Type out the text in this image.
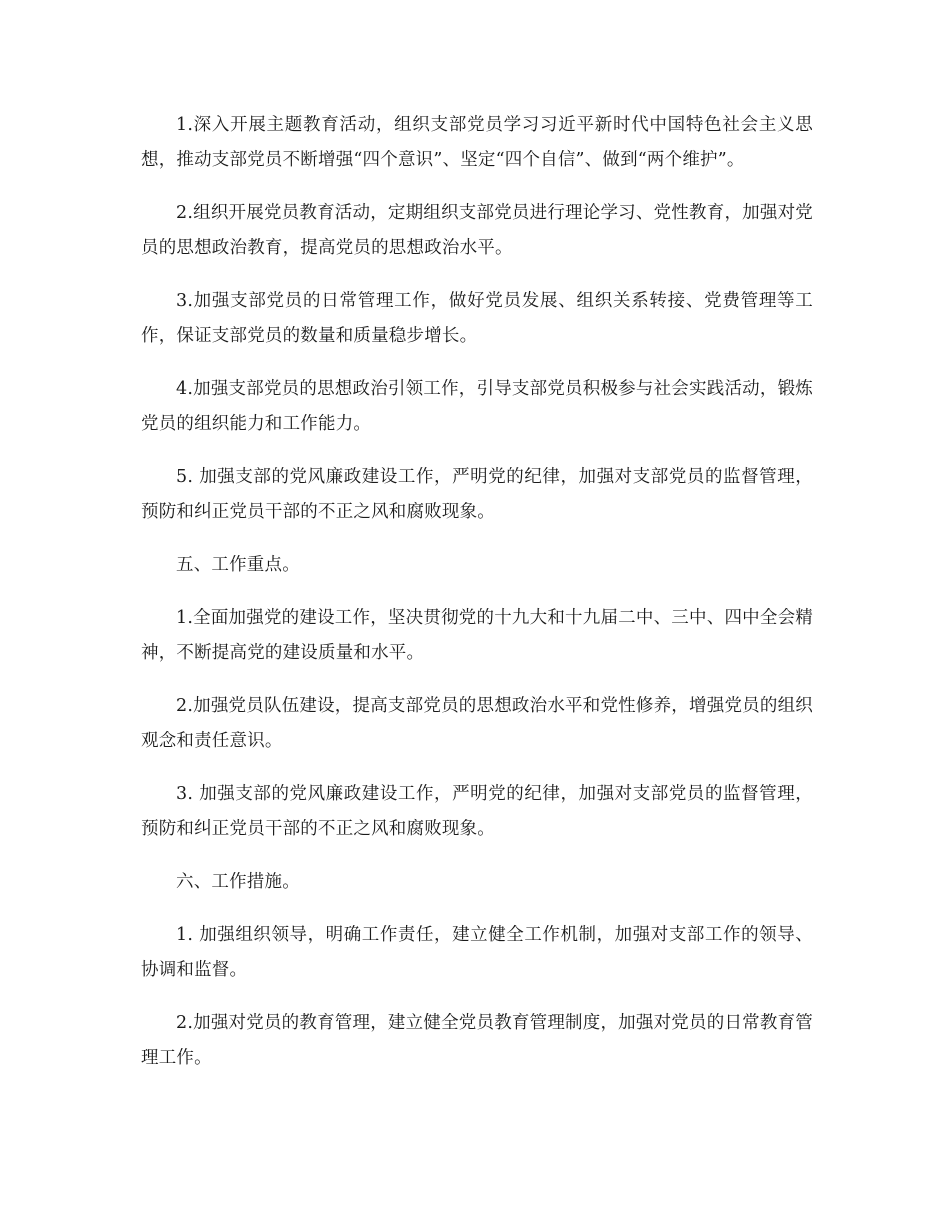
1.深入开展主题教育活动，组织支部党员学习习近平新时代中国特色社会主义思想，推动支部党员不断增强“四个意识”、坚定“四个自信”、做到“两个维护”。

2.组织开展党员教育活动，定期组织支部党员进行理论学习、党性教育，加强对党员的思想政治教育，提高党员的思想政治水平。

3.加强支部党员的日常管理工作，做好党员发展、组织关系转接、党费管理等工作，保证支部党员的数量和质量稳步增长。

4.加强支部党员的思想政治引领工作，引导支部党员积极参与社会实践活动，锻炼党员的组织能力和工作能力。

5. 加强支部的党风廉政建设工作，严明党的纪律，加强对支部党员的监督管理，预防和纠正党员干部的不正之风和腐败现象。

五、工作重点。

1.全面加强党的建设工作，坚决贯彻党的十九大和十九届二中、三中、四中全会精神，不断提高党的建设质量和水平。

2.加强党员队伍建设，提高支部党员的思想政治水平和党性修养，增强党员的组织观念和责任意识。

3. 加强支部的党风廉政建设工作，严明党的纪律，加强对支部党员的监督管理，预防和纠正党员干部的不正之风和腐败现象。

六、工作措施。

1. 加强组织领导，明确工作责任，建立健全工作机制，加强对支部工作的领导、协调和监督。

2.加强对党员的教育管理，建立健全党员教育管理制度，加强对党员的日常教育管理工作。
